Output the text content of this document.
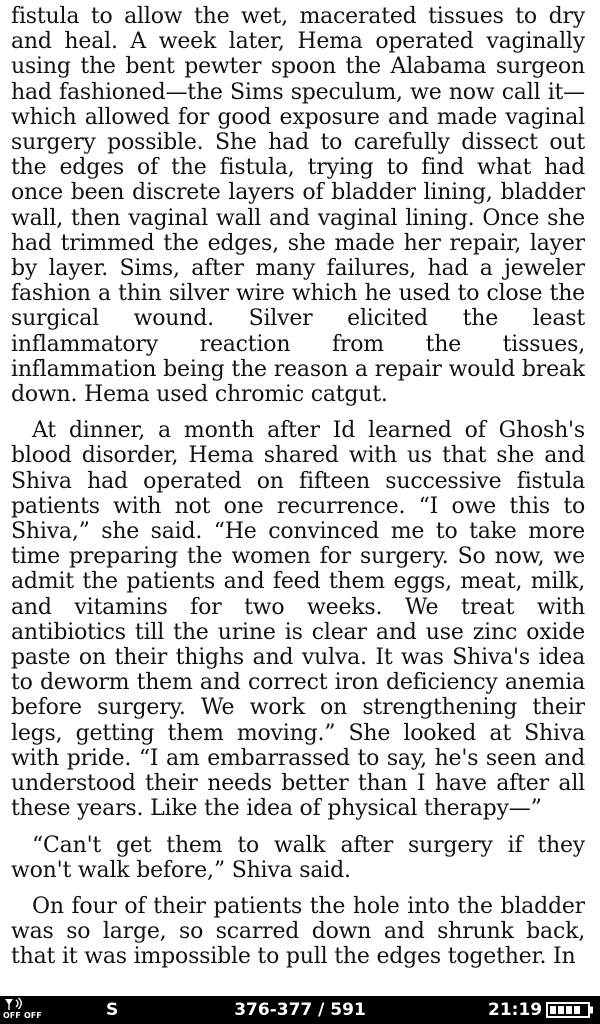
fistula to allow the wet, macerated tissues to dry and heal. A week later, Hema operated vaginally using the bent pewter spoon the Alabama surgeon had fashioned—the Sims speculum, we now call it—which allowed for good exposure and made vaginal surgery possible. She had to carefully dissect out the edges of the fistula, trying to find what had once been discrete layers of bladder lining, bladder wall, then vaginal wall and vaginal lining. Once she had trimmed the edges, she made her repair, layer by layer. Sims, after many failures, had a jeweler fashion a thin silver wire which he used to close the surgical wound. Silver elicited the least inflammatory reaction from the tissues, inflammation being the reason a repair would break down. Hema used chromic catgut.

At dinner, a month after Id learned of Ghosh's blood disorder, Hema shared with us that she and Shiva had operated on fifteen successive fistula patients with not one recurrence. “I owe this to Shiva,” she said. “He convinced me to take more time preparing the women for surgery. So now, we admit the patients and feed them eggs, meat, milk, and vitamins for two weeks. We treat with antibiotics till the urine is clear and use zinc oxide paste on their thighs and vulva. It was Shiva's idea to deworm them and correct iron deficiency anemia before surgery. We work on strengthening their legs, getting them moving.” She looked at Shiva with pride. “I am embarrassed to say, he's seen and understood their needs better than I have after all these years. Like the idea of physical therapy—”

“Can't get them to walk after surgery if they won't walk before,” Shiva said.

On four of their patients the hole into the bladder was so large, so scarred down and shrunk back, that it was impossible to pull the edges together. In

OFF OFF	S	376-377 / 591	21:19
